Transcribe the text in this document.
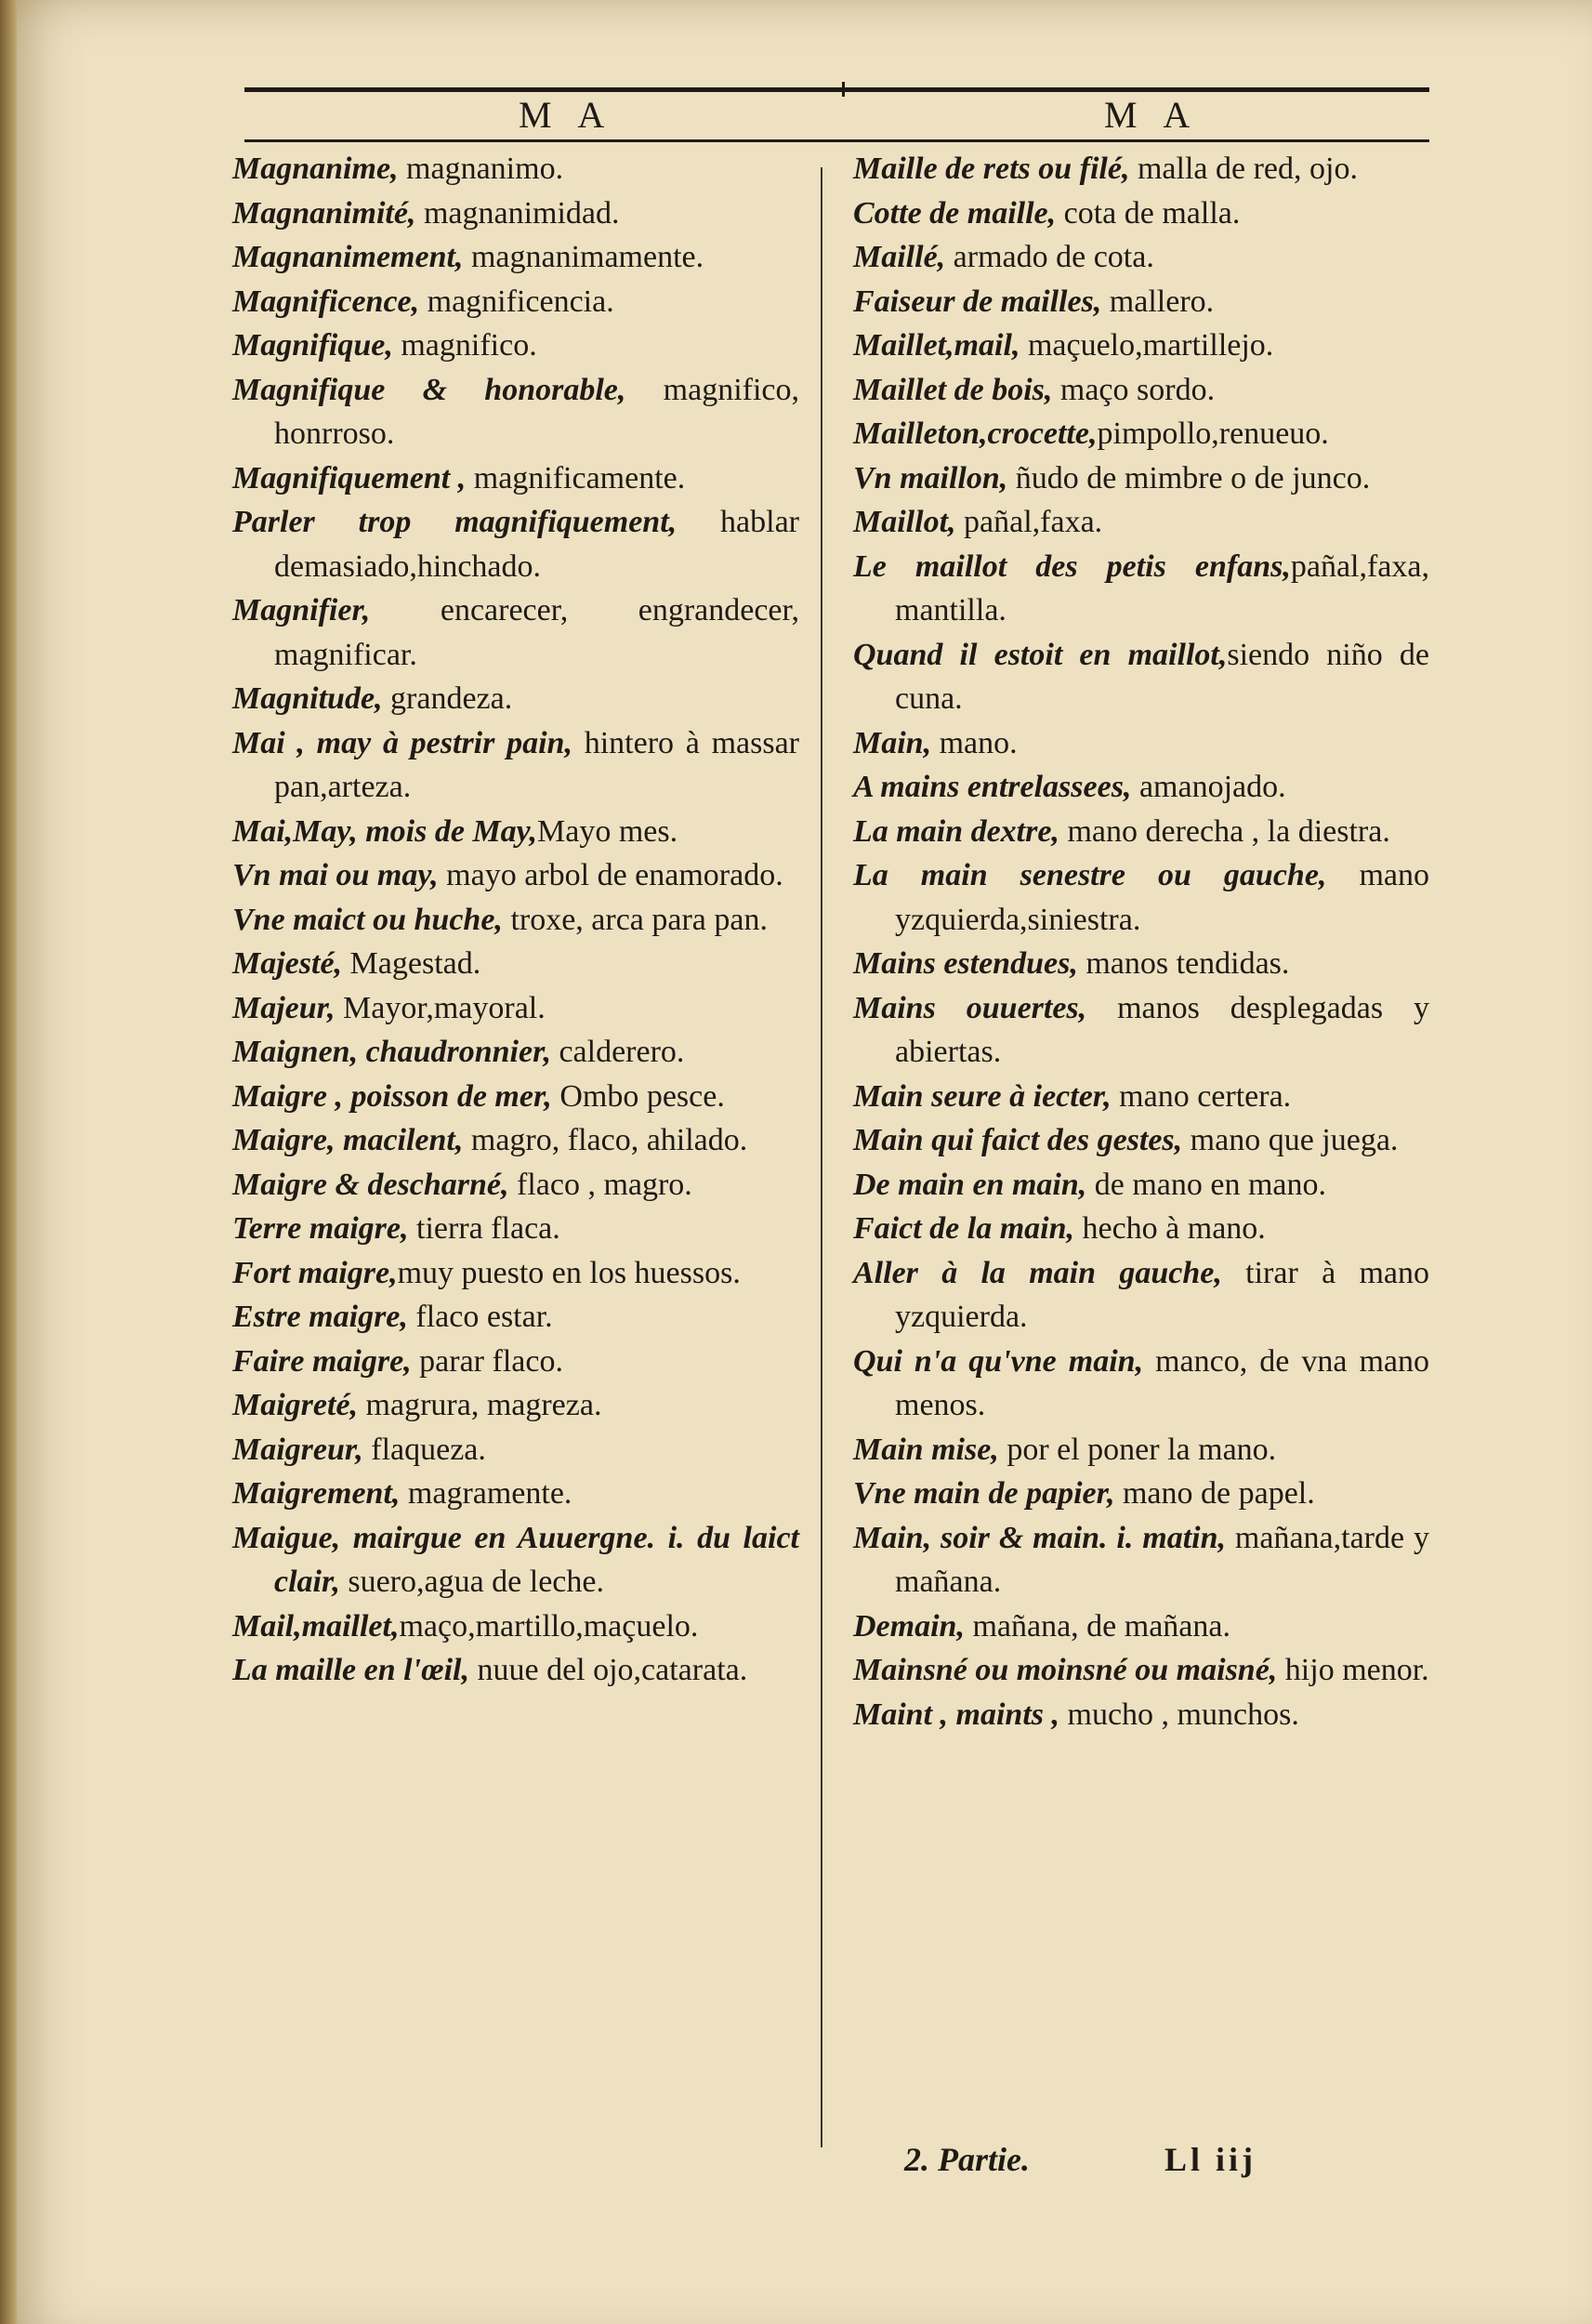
M A	M A
Magnanime, magnanimo.
Magnanimité, magnanimidad.
Magnanimement, magnanimamente.
Magnificence, magnificencia.
Magnifique, magnifico.
Magnifique & honorable, magnifico, honrroso.
Magnifiquement , magnificamente.
Parler trop magnifiquement, hablar demasiado,hinchado.
Magnifier, encarecer, engrandecer, magnificar.
Magnitude, grandeza.
Mai , may à pestrir pain, hintero à massar pan,arteza.
Mai,May, mois de May,Mayo mes.
Vn mai ou may, mayo arbol de enamorado.
Vne maict ou huche, troxe, arca para pan.
Majesté, Magestad.
Majeur, Mayor,mayoral.
Maignen, chaudronnier, calderero.
Maigre , poisson de mer, Ombo pesce.
Maigre, macilent, magro, flaco, ahilado.
Maigre & descharné, flaco , magro.
Terre maigre, tierra flaca.
Fort maigre,muy puesto en los huessos.
Estre maigre, flaco estar.
Faire maigre, parar flaco.
Maigreté, magrura, magreza.
Maigreur, flaqueza.
Maigrement, magramente.
Maigue, mairgue en Auuergne. i. du laict clair, suero,agua de leche.
Mail,maillet,maço,martillo,maçuelo.
La maille en l'œil, nuue del ojo,catarata.
Maille de rets ou filé, malla de red, ojo.
Cotte de maille, cota de malla.
Maillé, armado de cota.
Faiseur de mailles, mallero.
Maillet,mail, maçuelo,martillejo.
Maillet de bois, maço sordo.
Mailleton,crocette,pimpollo,renueuo.
Vn maillon, ñudo de mimbre o de junco.
Maillot, pañal,faxa.
Le maillot des petis enfans,pañal,faxa, mantilla.
Quand il estoit en maillot,siendo niño de cuna.
Main, mano.
A mains entrelassees, amanojado.
La main dextre, mano derecha , la diestra.
La main senestre ou gauche, mano yzquierda,siniestra.
Mains estendues, manos tendidas.
Mains ouuertes, manos desplegadas y abiertas.
Main seure à iecter, mano certera.
Main qui faict des gestes, mano que juega.
De main en main, de mano en mano.
Faict de la main, hecho à mano.
Aller à la main gauche, tirar à mano yzquierda.
Qui n'a qu'vne main, manco, de vna mano menos.
Main mise, por el poner la mano.
Vne main de papier, mano de papel.
Main, soir & main. i. matin, mañana,tarde y mañana.
Demain, mañana, de mañana.
Mainsné ou moinsné ou maisné, hijo menor.
Maint , maints , mucho , munchos.
2. Partie.	Ll iij
